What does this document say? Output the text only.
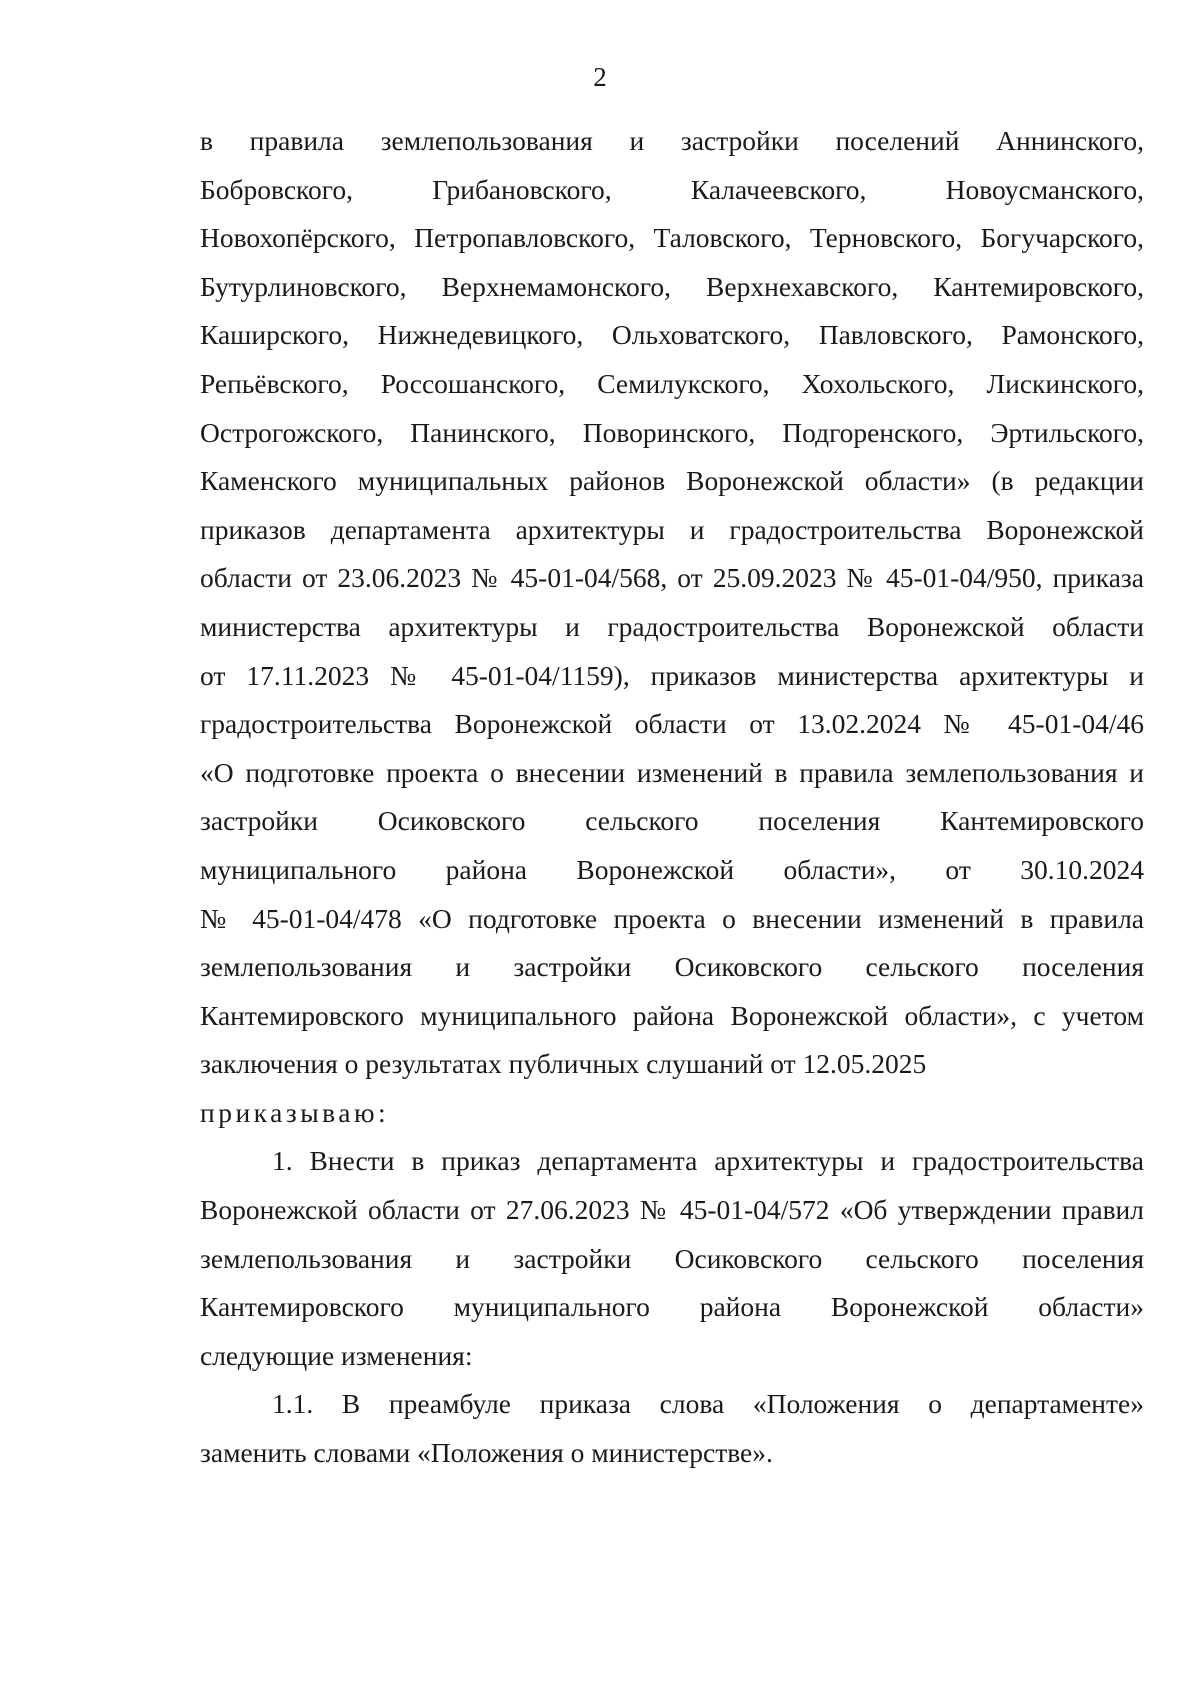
2
в правила землепользования и застройки поселений Аннинского,
Бобровского, Грибановского, Калачеевского, Новоусманского,
Новохопёрского, Петропавловского, Таловского, Терновского, Богучарского,
Бутурлиновского, Верхнемамонского, Верхнехавского, Кантемировского,
Каширского, Нижнедевицкого, Ольховатского, Павловского, Рамонского,
Репьёвского, Россошанского, Семилукского, Хохольского, Лискинского,
Острогожского, Панинского, Поворинского, Подгоренского, Эртильского,
Каменского муниципальных районов Воронежской области» (в редакции
приказов департамента архитектуры и градостроительства Воронежской
области от 23.06.2023 № 45-01-04/568, от 25.09.2023 № 45-01-04/950, приказа
министерства архитектуры и градостроительства Воронежской области
от 17.11.2023 № 45-01-04/1159), приказов министерства архитектуры и
градостроительства Воронежской области от 13.02.2024 № 45-01-04/46
«О подготовке проекта о внесении изменений в правила землепользования и
застройки Осиковского сельского поселения Кантемировского
муниципального района Воронежской области», от 30.10.2024
№ 45-01-04/478 «О подготовке проекта о внесении изменений в правила
землепользования и застройки Осиковского сельского поселения
Кантемировского муниципального района Воронежской области», с учетом
заключения о результатах публичных слушаний от 12.05.2025
приказываю:
1. Внести в приказ департамента архитектуры и градостроительства
Воронежской области от 27.06.2023 № 45-01-04/572 «Об утверждении правил
землепользования и застройки Осиковского сельского поселения
Кантемировского муниципального района Воронежской области»
следующие изменения:
1.1. В преамбуле приказа слова «Положения о департаменте»
заменить словами «Положения о министерстве».
